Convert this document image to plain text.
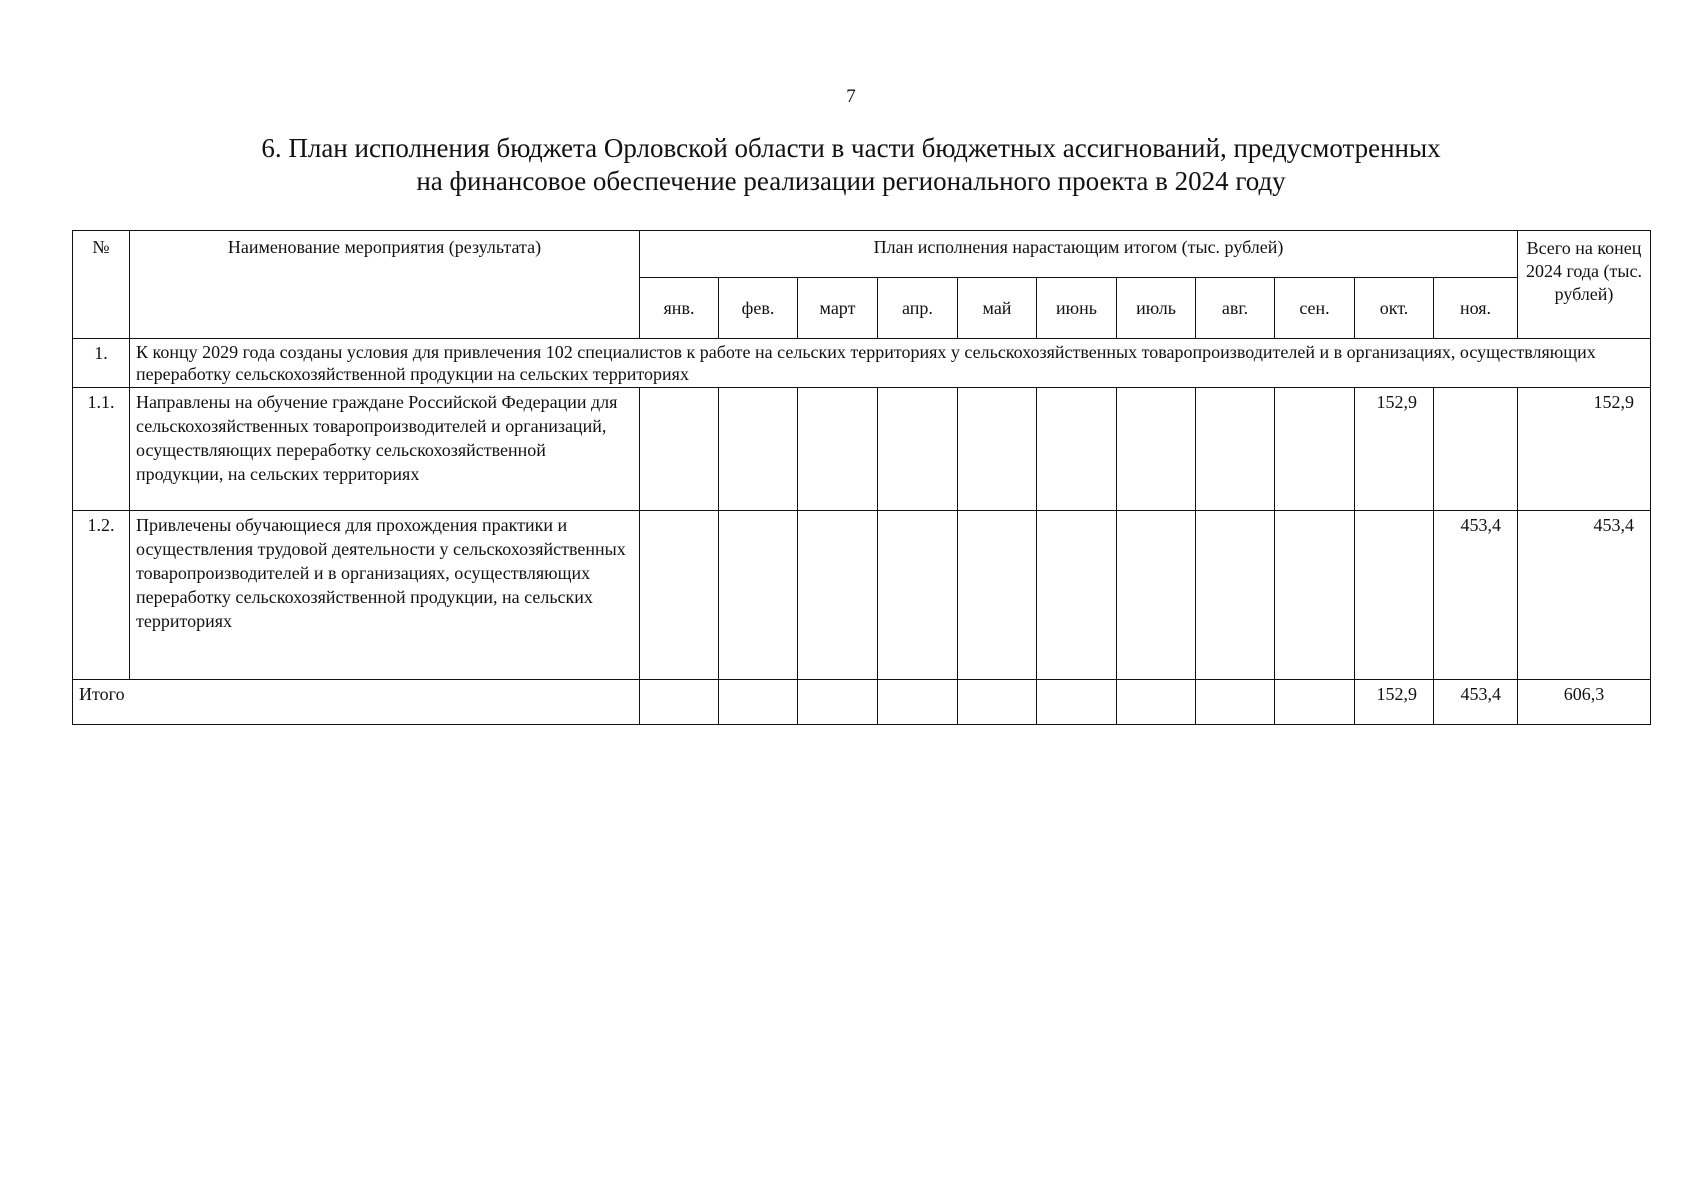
7
6. План исполнения бюджета Орловской области в части бюджетных ассигнований, предусмотренных
на финансовое обеспечение реализации регионального проекта в 2024 году
№	Наименование мероприятия (результата)	План исполнения нарастающим итогом (тыс. рублей)											Всего на конец 2024 года (тыс. рублей)
		янв.	фев.	март	апр.	май	июнь	июль	авг.	сен.	окт.	ноя.	
1.	К концу 2029 года созданы условия для привлечения 102 специалистов к работе на сельских территориях у сельскохозяйственных товаропроизводителей и в организациях, осуществляющих переработку сельскохозяйственной продукции на сельских территориях												
1.1.	Направлены на обучение граждане Российской Федерации для сельскохозяйственных товаропроизводителей и организаций, осуществляющих переработку сельскохозяйственной продукции, на сельских территориях										152,9		152,9
1.2.	Привлечены обучающиеся для прохождения практики и осуществления трудовой деятельности у сельскохозяйственных товаропроизводителей и в организациях, осуществляющих переработку сельскохозяйственной продукции, на сельских территориях											453,4	453,4
Итого											152,9	453,4	606,3
